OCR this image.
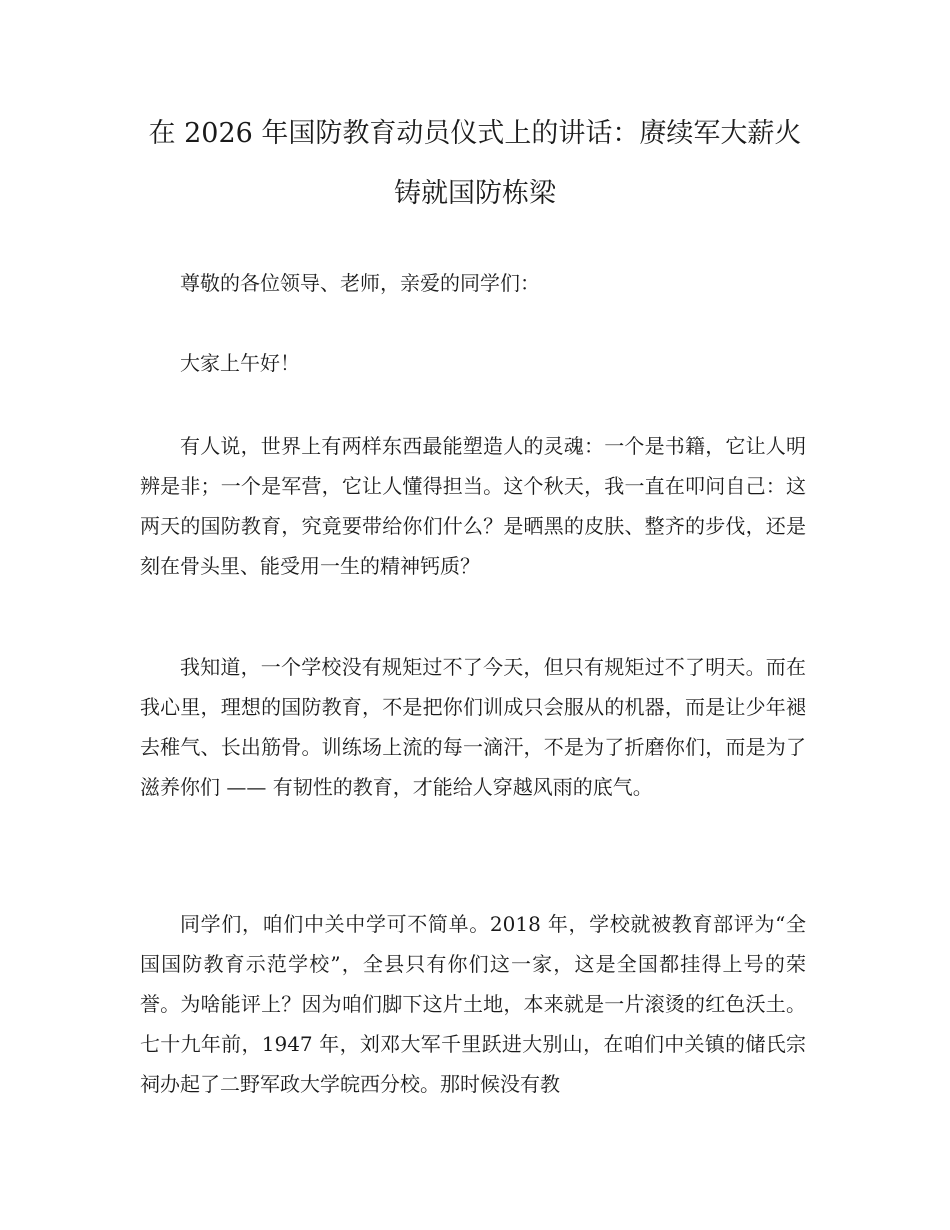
在 2026 年国防教育动员仪式上的讲话：赓续军大薪火铸就国防栋梁

尊敬的各位领导、老师，亲爱的同学们：

大家上午好！

有人说，世界上有两样东西最能塑造人的灵魂：一个是书籍，它让人明辨是非；一个是军营，它让人懂得担当。这个秋天，我一直在叩问自己：这两天的国防教育，究竟要带给你们什么？是晒黑的皮肤、整齐的步伐，还是刻在骨头里、能受用一生的精神钙质？

我知道，一个学校没有规矩过不了今天，但只有规矩过不了明天。而在我心里，理想的国防教育，不是把你们训成只会服从的机器，而是让少年褪去稚气、长出筋骨。训练场上流的每一滴汗，不是为了折磨你们，而是为了滋养你们 —— 有韧性的教育，才能给人穿越风雨的底气。

同学们，咱们中关中学可不简单。2018 年，学校就被教育部评为“全国国防教育示范学校”，全县只有你们这一家，这是全国都挂得上号的荣誉。为啥能评上？因为咱们脚下这片土地，本来就是一片滚烫的红色沃土。七十九年前，1947 年，刘邓大军千里跃进大别山，在咱们中关镇的储氏宗祠办起了二野军政大学皖西分校。那时候没有教
